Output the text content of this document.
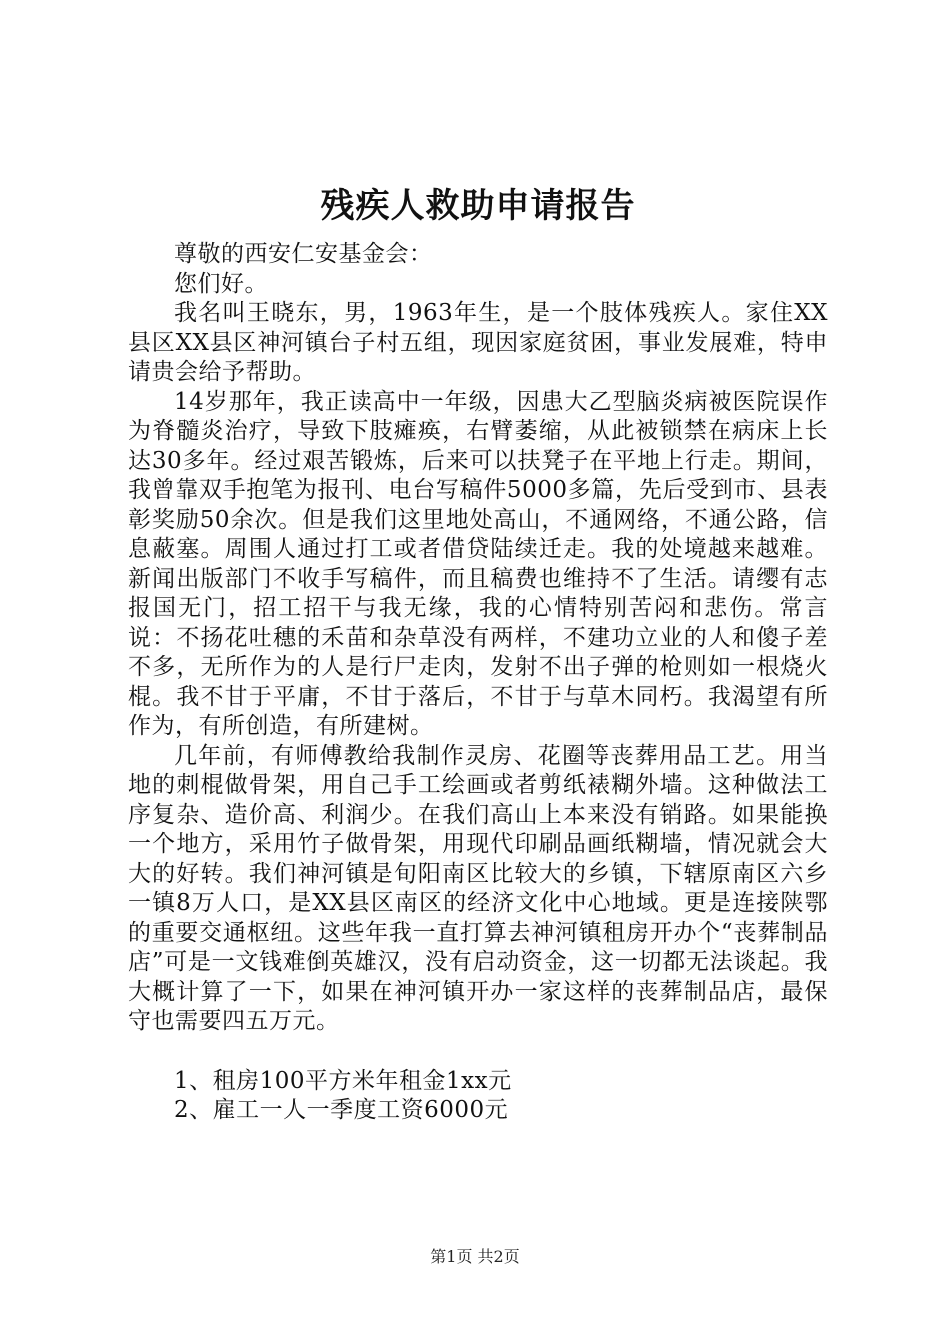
残疾人救助申请报告

尊敬的西安仁安基金会：

您们好。

我名叫王晓东，男，1963年生，是一个肢体残疾人。家住XX县区XX县区神河镇台子村五组，现因家庭贫困，事业发展难，特申请贵会给予帮助。

14岁那年，我正读高中一年级，因患大乙型脑炎病被医院误作为脊髓炎治疗，导致下肢瘫痪，右臂萎缩，从此被锁禁在病床上长达30多年。经过艰苦锻炼，后来可以扶凳子在平地上行走。期间，我曾靠双手抱笔为报刊、电台写稿件5000多篇，先后受到市、县表彰奖励50余次。但是我们这里地处高山，不通网络，不通公路，信息蔽塞。周围人通过打工或者借贷陆续迁走。我的处境越来越难。新闻出版部门不收手写稿件，而且稿费也维持不了生活。请缨有志报国无门，招工招干与我无缘，我的心情特别苦闷和悲伤。常言说：不扬花吐穗的禾苗和杂草没有两样，不建功立业的人和傻子差不多，无所作为的人是行尸走肉，发射不出子弹的枪则如一根烧火棍。我不甘于平庸，不甘于落后，不甘于与草木同朽。我渴望有所作为，有所创造，有所建树。

几年前，有师傅教给我制作灵房、花圈等丧葬用品工艺。用当地的刺棍做骨架，用自己手工绘画或者剪纸裱糊外墙。这种做法工序复杂、造价高、利润少。在我们高山上本来没有销路。如果能换一个地方，采用竹子做骨架，用现代印刷品画纸糊墙，情况就会大大的好转。我们神河镇是旬阳南区比较大的乡镇，下辖原南区六乡一镇8万人口，是XX县区南区的经济文化中心地域。更是连接陕鄂的重要交通枢纽。这些年我一直打算去神河镇租房开办个“丧葬制品店”可是一文钱难倒英雄汉，没有启动资金，这一切都无法谈起。我大概计算了一下，如果在神河镇开办一家这样的丧葬制品店，最保守也需要四五万元。

1、租房100平方米年租金1xx元

2、雇工一人一季度工资6000元

第1页 共2页
